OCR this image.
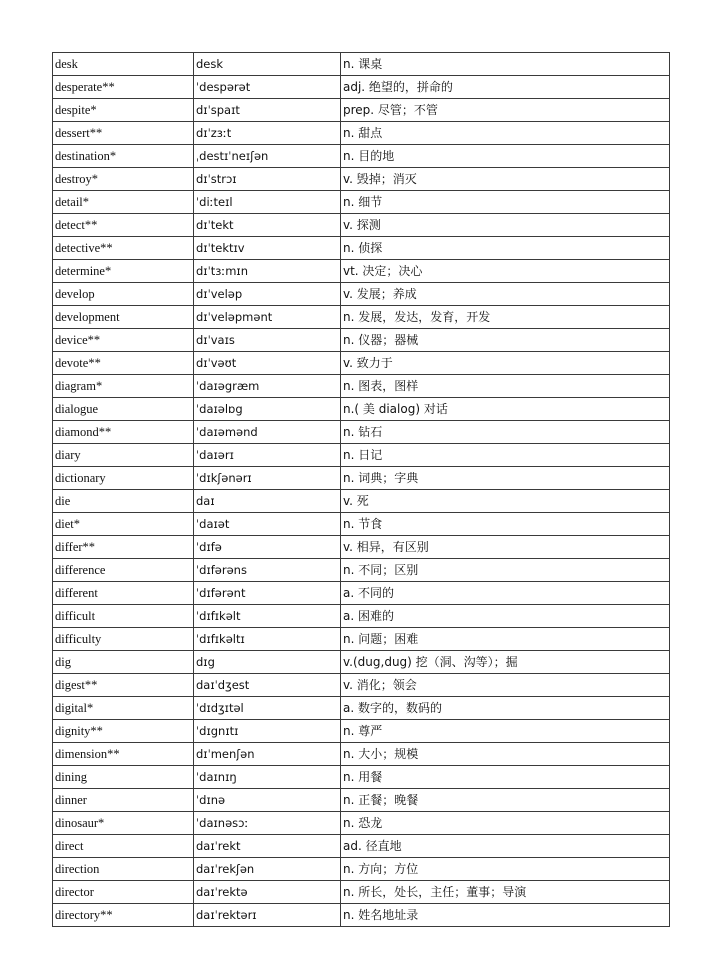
desk	desk	n. 课桌
desperate**	ˈdespərət	adj. 绝望的，拼命的
despite*	dɪˈspaɪt	prep. 尽管；不管
dessert**	dɪˈzɜːt	n. 甜点
destination*	ˌdestɪˈneɪʃən	n. 目的地
destroy*	dɪˈstrɔɪ	v. 毁掉；消灭
detail*	ˈdiːteɪl	n. 细节
detect**	dɪˈtekt	v. 探测
detective**	dɪˈtektɪv	n. 侦探
determine*	dɪˈtɜːmɪn	vt. 决定；决心
develop	dɪˈveləp	v. 发展；养成
development	dɪˈveləpmənt	n. 发展，发达，发育，开发
device**	dɪˈvaɪs	n. 仪器；器械
devote**	dɪˈvəʊt	v. 致力于
diagram*	ˈdaɪəgræm	n. 图表，图样
dialogue	ˈdaɪəlɒg	n.( 美 dialog) 对话
diamond**	ˈdaɪəmənd	n. 钻石
diary	ˈdaɪərɪ	n. 日记
dictionary	ˈdɪkʃənərɪ	n. 词典；字典
die	daɪ	v. 死
diet*	ˈdaɪət	n. 节食
differ**	ˈdɪfə	v. 相异，有区别
difference	ˈdɪfərəns	n. 不同；区别
different	ˈdɪfərənt	a. 不同的
difficult	ˈdɪfɪkəlt	a. 困难的
difficulty	ˈdɪfɪkəltɪ	n. 问题；困难
dig	dɪg	v.(dug,dug) 挖（洞、沟等）；掘
digest**	daɪˈdʒest	v. 消化；领会
digital*	ˈdɪdʒɪtəl	a. 数字的，数码的
dignity**	ˈdɪgnɪtɪ	n. 尊严
dimension**	dɪˈmenʃən	n. 大小；规模
dining	ˈdaɪnɪŋ	n. 用餐
dinner	ˈdɪnə	n. 正餐；晚餐
dinosaur*	ˈdaɪnəsɔː	n. 恐龙
direct	daɪˈrekt	ad. 径直地
direction	daɪˈrekʃən	n. 方向；方位
director	daɪˈrektə	n. 所长，处长，主任；董事；导演
directory**	daɪˈrektərɪ	n. 姓名地址录
